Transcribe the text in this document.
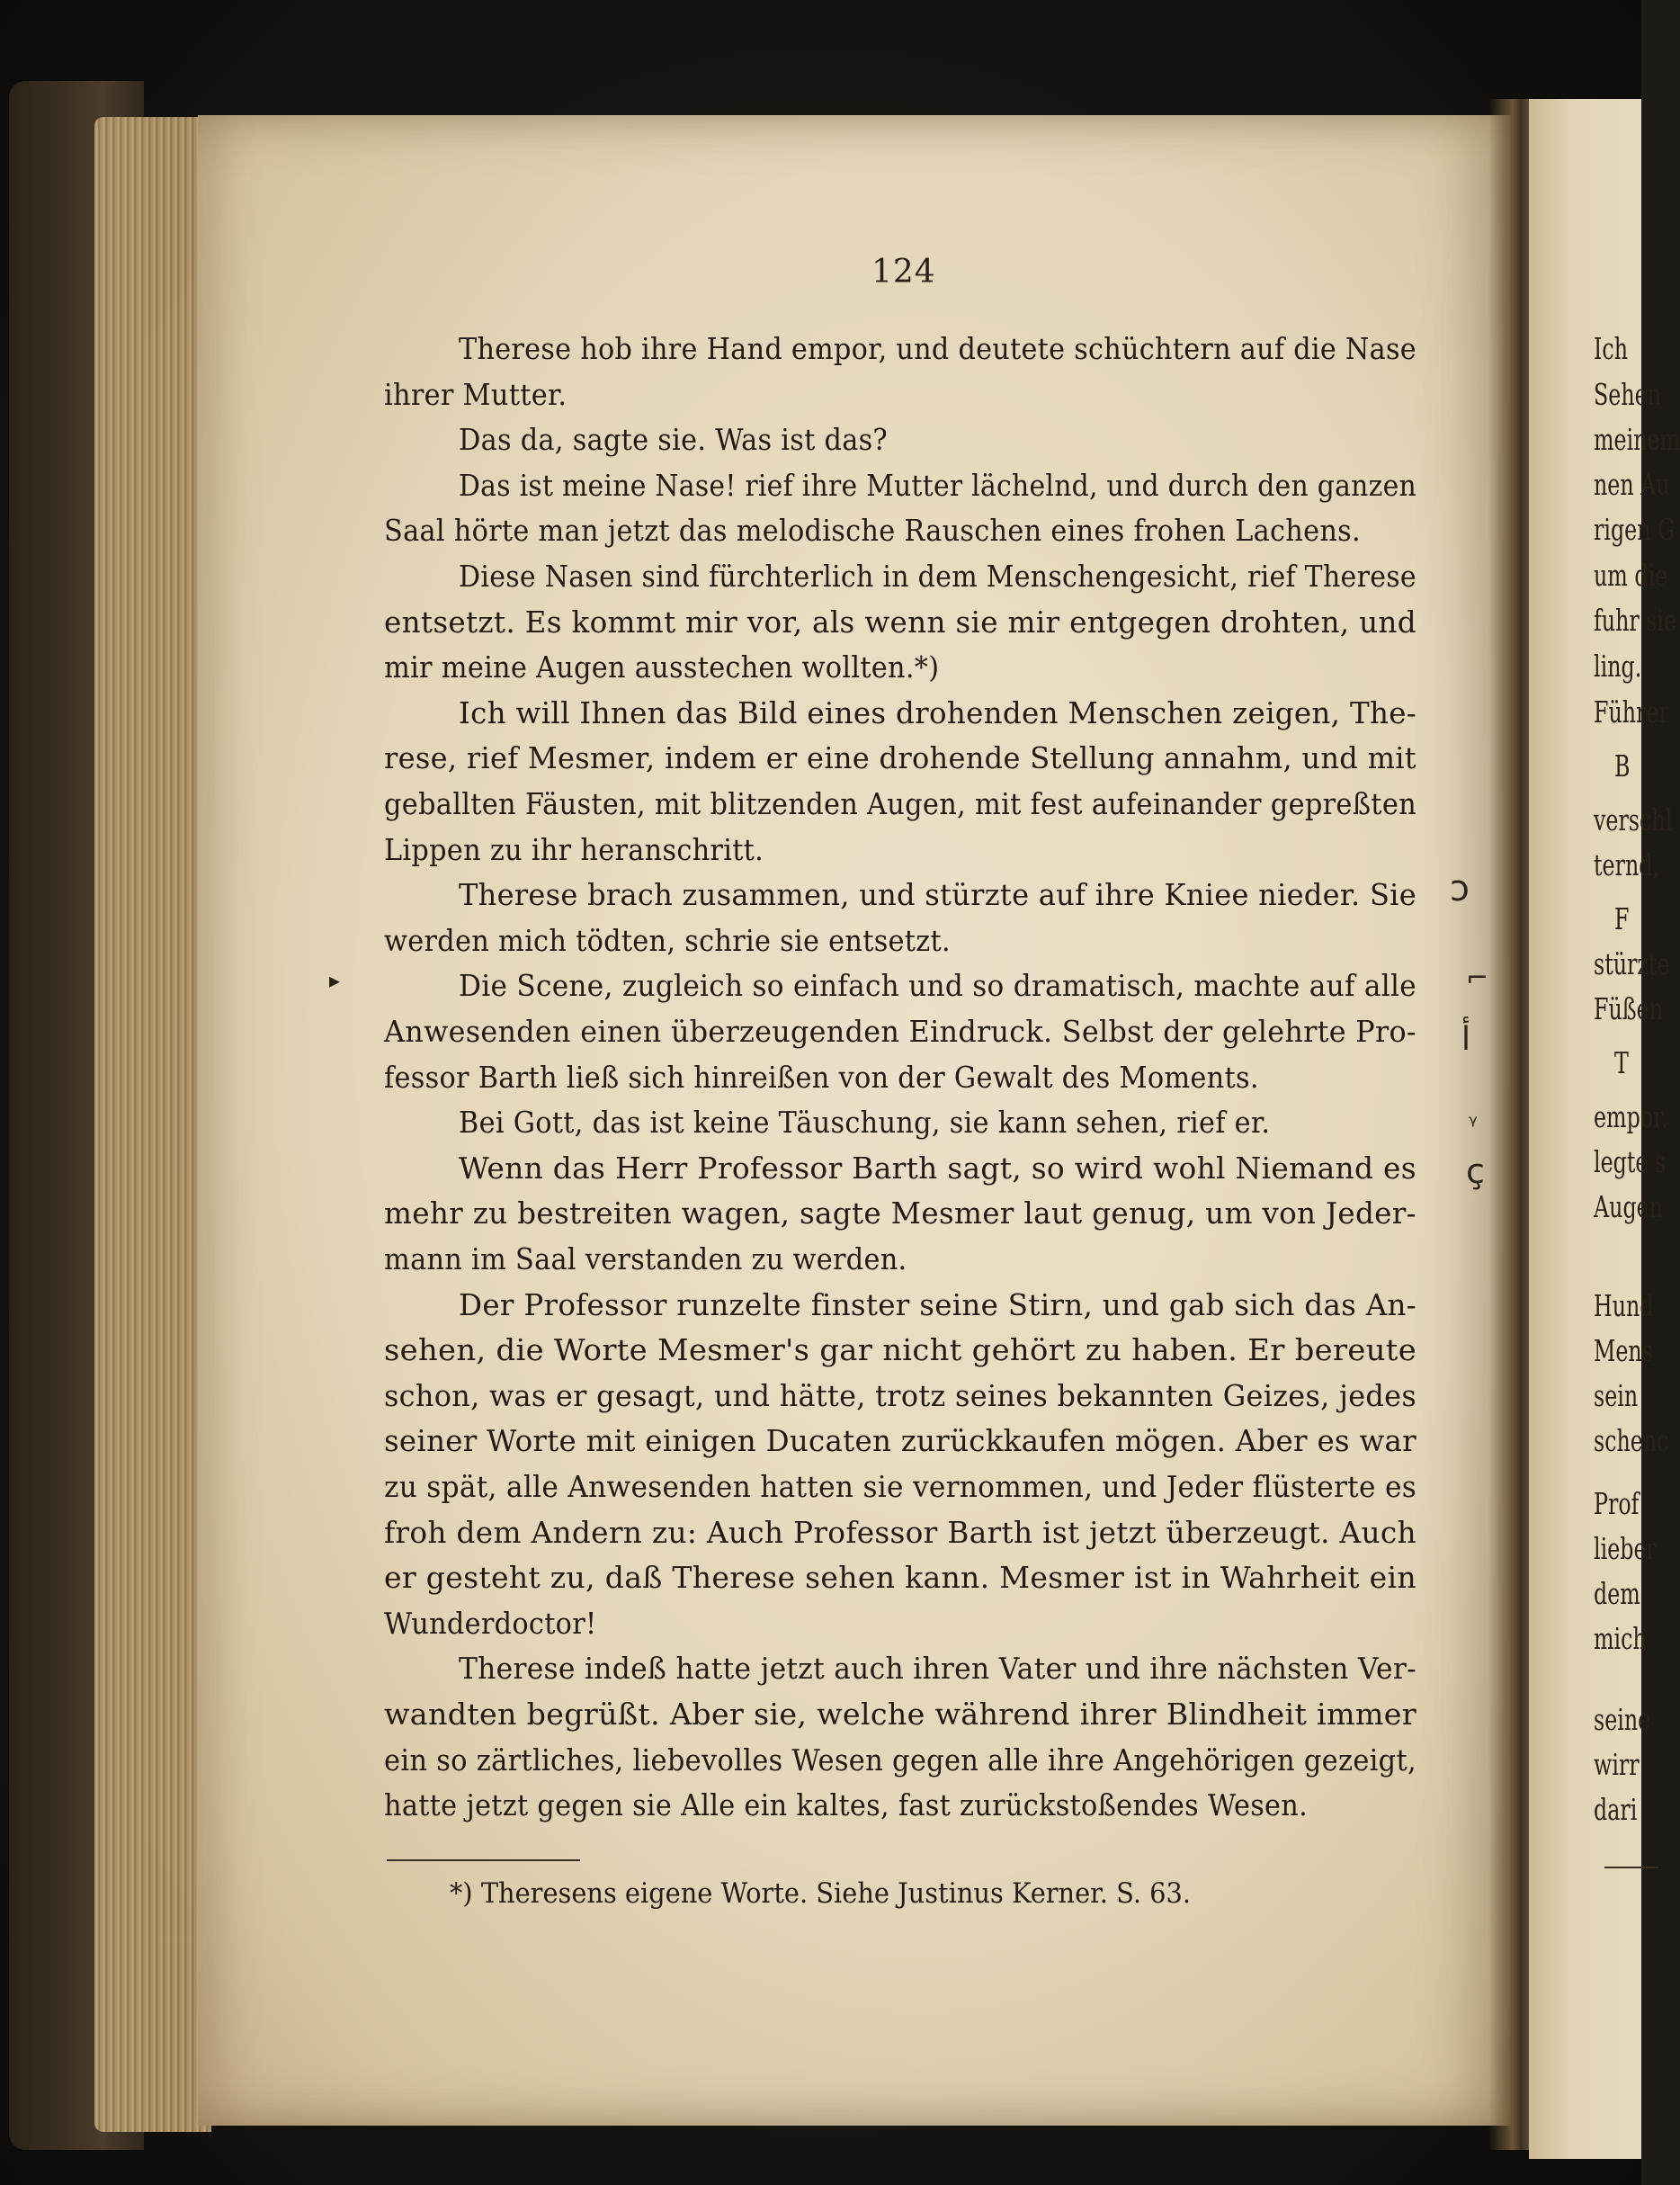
Ich
Sehen
meinem
nen Au
rigen G
um die
fuhr sie
ling.
Führer
B
verschl
ternd,
F
stürzte
Füßen
T
empor.
legte s
Augen
Hund
Mens
sein
schenc
Prof
lieber
dem
mich
seine
wirr
dari
124
Therese hob ihre Hand empor, und deutete schüchtern auf die Nase
ihrer Mutter.
Das da, sagte sie. Was ist das?
Das ist meine Nase! rief ihre Mutter lächelnd, und durch den ganzen
Saal hörte man jetzt das melodische Rauschen eines frohen Lachens.
Diese Nasen sind fürchterlich in dem Menschengesicht, rief Therese
entsetzt. Es kommt mir vor, als wenn sie mir entgegen drohten, und
mir meine Augen ausstechen wollten.*)
Ich will Ihnen das Bild eines drohenden Menschen zeigen, The-
rese, rief Mesmer, indem er eine drohende Stellung annahm, und mit
geballten Fäusten, mit blitzenden Augen, mit fest aufeinander gepreßten
Lippen zu ihr heranschritt.
Therese brach zusammen, und stürzte auf ihre Kniee nieder. Sie
werden mich tödten, schrie sie entsetzt.
Die Scene, zugleich so einfach und so dramatisch, machte auf alle
Anwesenden einen überzeugenden Eindruck. Selbst der gelehrte Pro-
fessor Barth ließ sich hinreißen von der Gewalt des Moments.
Bei Gott, das ist keine Täuschung, sie kann sehen, rief er.
Wenn das Herr Professor Barth sagt, so wird wohl Niemand es
mehr zu bestreiten wagen, sagte Mesmer laut genug, um von Jeder-
mann im Saal verstanden zu werden.
Der Professor runzelte finster seine Stirn, und gab sich das An-
sehen, die Worte Mesmer's gar nicht gehört zu haben. Er bereute
schon, was er gesagt, und hätte, trotz seines bekannten Geizes, jedes
seiner Worte mit einigen Ducaten zurückkaufen mögen. Aber es war
zu spät, alle Anwesenden hatten sie vernommen, und Jeder flüsterte es
froh dem Andern zu: Auch Professor Barth ist jetzt überzeugt. Auch
er gesteht zu, daß Therese sehen kann. Mesmer ist in Wahrheit ein
Wunderdoctor!
Therese indeß hatte jetzt auch ihren Vater und ihre nächsten Ver-
wandten begrüßt. Aber sie, welche während ihrer Blindheit immer
ein so zärtliches, liebevolles Wesen gegen alle ihre Angehörigen gezeigt,
hatte jetzt gegen sie Alle ein kaltes, fast zurückstoßendes Wesen.
*) Theresens eigene Worte. Siehe Justinus Kerner. S. 63.
▸
ↄ
⌐
ﺃ
ᵞ
ç
